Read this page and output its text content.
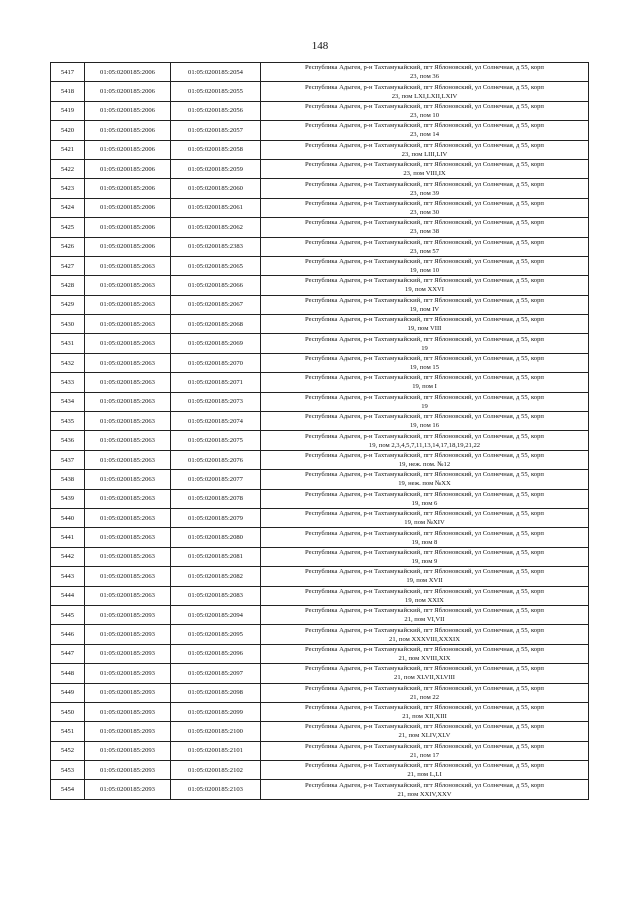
148
5417	01:05:0200185:2006	01:05:0200185:2054	Республика Адыгея, р-н Тахтамукайский, пгт Яблоновский, ул Солнечная, д 55, корп
23, пом 36

5418	01:05:0200185:2006	01:05:0200185:2055	Республика Адыгея, р-н Тахтамукайский, пгт Яблоновский, ул Солнечная, д 55, корп
23, пом LXI,LXII,LXIV

5419	01:05:0200185:2006	01:05:0200185:2056	Республика Адыгея, р-н Тахтамукайский, пгт Яблоновский, ул Солнечная, д 55, корп
23, пом 10

5420	01:05:0200185:2006	01:05:0200185:2057	Республика Адыгея, р-н Тахтамукайский, пгт Яблоновский, ул Солнечная, д 55, корп
23, пом 14

5421	01:05:0200185:2006	01:05:0200185:2058	Республика Адыгея, р-н Тахтамукайский, пгт Яблоновский, ул Солнечная, д 55, корп
23, пом LIII,LIV

5422	01:05:0200185:2006	01:05:0200185:2059	Республика Адыгея, р-н Тахтамукайский, пгт Яблоновский, ул Солнечная, д 55, корп
23, пом VIII,IX

5423	01:05:0200185:2006	01:05:0200185:2060	Республика Адыгея, р-н Тахтамукайский, пгт Яблоновский, ул Солнечная, д 55, корп
23, пом 39

5424	01:05:0200185:2006	01:05:0200185:2061	Республика Адыгея, р-н Тахтамукайский, пгт Яблоновский, ул Солнечная, д 55, корп
23, пом 30

5425	01:05:0200185:2006	01:05:0200185:2062	Республика Адыгея, р-н Тахтамукайский, пгт Яблоновский, ул Солнечная, д 55, корп
23, пом 38

5426	01:05:0200185:2006	01:05:0200185:2383	Республика Адыгея, р-н Тахтамукайский, пгт Яблоновский, ул Солнечная, д 55, корп
23, пом 57

5427	01:05:0200185:2063	01:05:0200185:2065	Республика Адыгея, р-н Тахтамукайский, пгт Яблоновский, ул Солнечная, д 55, корп
19, пом 10

5428	01:05:0200185:2063	01:05:0200185:2066	Республика Адыгея, р-н Тахтамукайский, пгт Яблоновский, ул Солнечная, д 55, корп
19, пом XXVI

5429	01:05:0200185:2063	01:05:0200185:2067	Республика Адыгея, р-н Тахтамукайский, пгт Яблоновский, ул Солнечная, д 55, корп
19, пом IV

5430	01:05:0200185:2063	01:05:0200185:2068	Республика Адыгея, р-н Тахтамукайский, пгт Яблоновский, ул Солнечная, д 55, корп
19, пом VIII

5431	01:05:0200185:2063	01:05:0200185:2069	Республика Адыгея, р-н Тахтамукайский, пгт Яблоновский, ул Солнечная, д 55, корп
19

5432	01:05:0200185:2063	01:05:0200185:2070	Республика Адыгея, р-н Тахтамукайский, пгт Яблоновский, ул Солнечная, д 55, корп
19, пом 15

5433	01:05:0200185:2063	01:05:0200185:2071	Республика Адыгея, р-н Тахтамукайский, пгт Яблоновский, ул Солнечная, д 55, корп
19, пом I

5434	01:05:0200185:2063	01:05:0200185:2073	Республика Адыгея, р-н Тахтамукайский, пгт Яблоновский, ул Солнечная, д 55, корп
19

5435	01:05:0200185:2063	01:05:0200185:2074	Республика Адыгея, р-н Тахтамукайский, пгт Яблоновский, ул Солнечная, д 55, корп
19, пом 16

5436	01:05:0200185:2063	01:05:0200185:2075	Республика Адыгея, р-н Тахтамукайский, пгт Яблоновский, ул Солнечная, д 55, корп
19, пом 2,3,4,5,7,11,13,14,17,18,19,21,22

5437	01:05:0200185:2063	01:05:0200185:2076	Республика Адыгея, р-н Тахтамукайский, пгт Яблоновский, ул Солнечная, д 55, корп
19, неж. пом. №12

5438	01:05:0200185:2063	01:05:0200185:2077	Республика Адыгея, р-н Тахтамукайский, пгт Яблоновский, ул Солнечная, д 55, корп
19, неж. пом №XX

5439	01:05:0200185:2063	01:05:0200185:2078	Республика Адыгея, р-н Тахтамукайский, пгт Яблоновский, ул Солнечная, д 55, корп
19, пом 6

5440	01:05:0200185:2063	01:05:0200185:2079	Республика Адыгея, р-н Тахтамукайский, пгт Яблоновский, ул Солнечная, д 55, корп
19, пом №XIV

5441	01:05:0200185:2063	01:05:0200185:2080	Республика Адыгея, р-н Тахтамукайский, пгт Яблоновский, ул Солнечная, д 55, корп
19, пом 8

5442	01:05:0200185:2063	01:05:0200185:2081	Республика Адыгея, р-н Тахтамукайский, пгт Яблоновский, ул Солнечная, д 55, корп
19, пом 9

5443	01:05:0200185:2063	01:05:0200185:2082	Республика Адыгея, р-н Тахтамукайский, пгт Яблоновский, ул Солнечная, д 55, корп
19, пом XVII

5444	01:05:0200185:2063	01:05:0200185:2083	Республика Адыгея, р-н Тахтамукайский, пгт Яблоновский, ул Солнечная, д 55, корп
19, пом XXIX

5445	01:05:0200185:2093	01:05:0200185:2094	Республика Адыгея, р-н Тахтамукайский, пгт Яблоновский, ул Солнечная, д 55, корп
21, пом VI,VII

5446	01:05:0200185:2093	01:05:0200185:2095	Республика Адыгея, р-н Тахтамукайский, пгт Яблоновский, ул Солнечная, д 55, корп
21, пом XXXVIII,XXXIX

5447	01:05:0200185:2093	01:05:0200185:2096	Республика Адыгея, р-н Тахтамукайский, пгт Яблоновский, ул Солнечная, д 55, корп
21, пом XVIII,XIX

5448	01:05:0200185:2093	01:05:0200185:2097	Республика Адыгея, р-н Тахтамукайский, пгт Яблоновский, ул Солнечная, д 55, корп
21, пом XLVII,XLVIII

5449	01:05:0200185:2093	01:05:0200185:2098	Республика Адыгея, р-н Тахтамукайский, пгт Яблоновский, ул Солнечная, д 55, корп
21, пом 22

5450	01:05:0200185:2093	01:05:0200185:2099	Республика Адыгея, р-н Тахтамукайский, пгт Яблоновский, ул Солнечная, д 55, корп
21, пом XII,XIII

5451	01:05:0200185:2093	01:05:0200185:2100	Республика Адыгея, р-н Тахтамукайский, пгт Яблоновский, ул Солнечная, д 55, корп
21, пом XLIV,XLV

5452	01:05:0200185:2093	01:05:0200185:2101	Республика Адыгея, р-н Тахтамукайский, пгт Яблоновский, ул Солнечная, д 55, корп
21, пом 17

5453	01:05:0200185:2093	01:05:0200185:2102	Республика Адыгея, р-н Тахтамукайский, пгт Яблоновский, ул Солнечная, д 55, корп
21, пом L,LI

5454	01:05:0200185:2093	01:05:0200185:2103	Республика Адыгея, р-н Тахтамукайский, пгт Яблоновский, ул Солнечная, д 55, корп
21, пом XXIV,XXV
